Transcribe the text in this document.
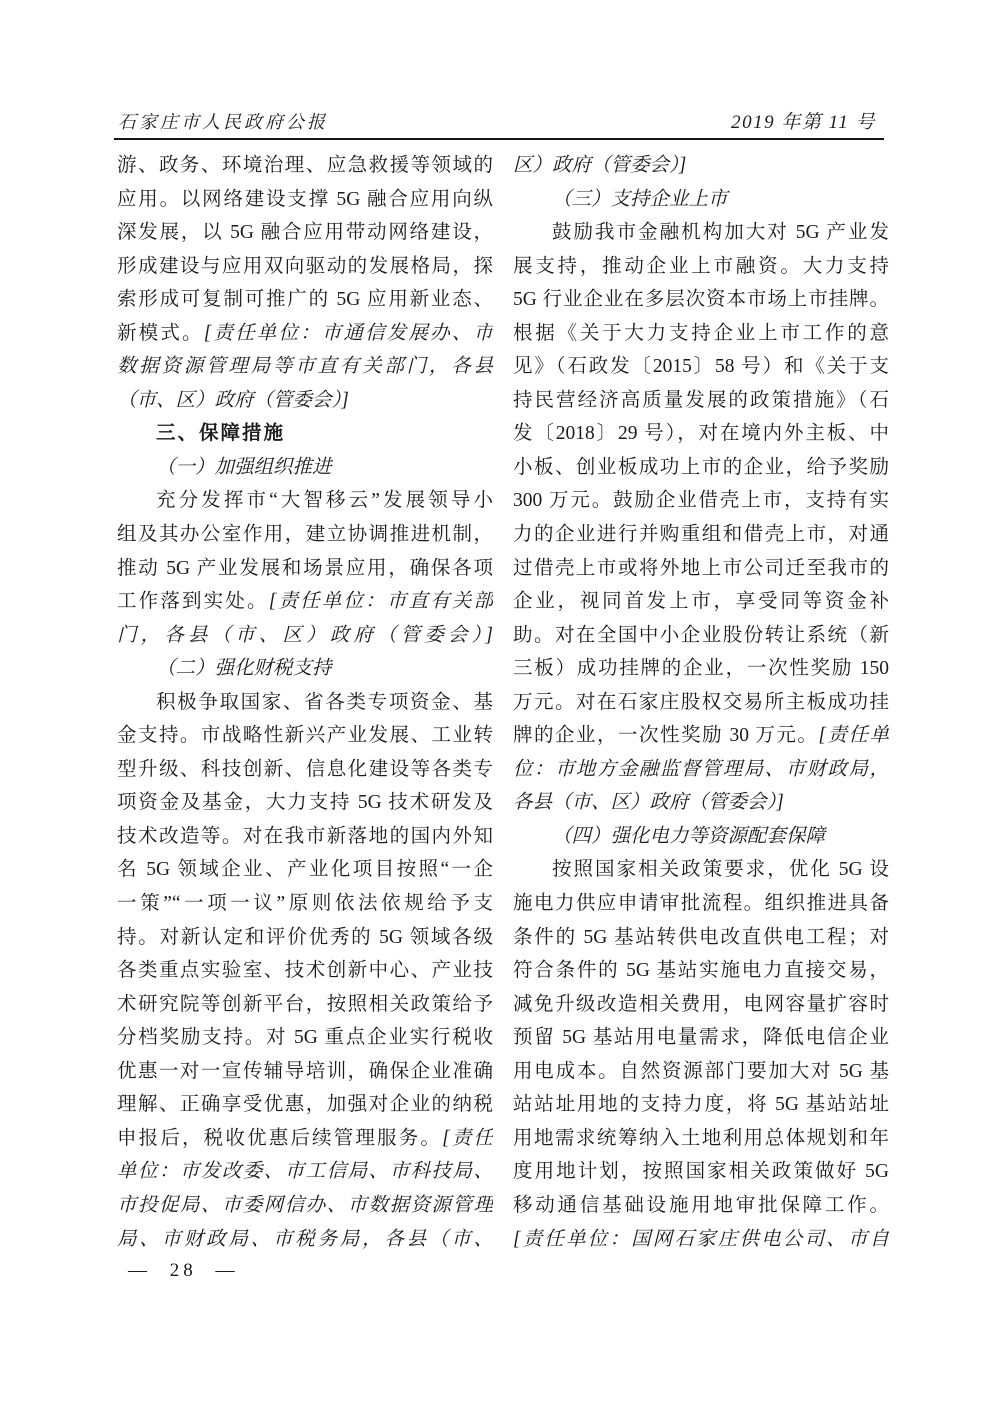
石家庄市人民政府公报	2019 年第 11 号
游、政务、环境治理、应急救援等领域的
应用。以网络建设支撑 5G 融合应用向纵
深发展，以 5G 融合应用带动网络建设，
形成建设与应用双向驱动的发展格局，探
索形成可复制可推广的 5G 应用新业态、
新模式。[责任单位：市通信发展办、市
数据资源管理局等市直有关部门，各县
（市、区）政府（管委会）]
三、保障措施
（一）加强组织推进
充分发挥市“大智移云”发展领导小
组及其办公室作用，建立协调推进机制，
推动 5G 产业发展和场景应用，确保各项
工作落到实处。[责任单位：市直有关部
门，各县（市、区）政府（管委会）]
（二）强化财税支持
积极争取国家、省各类专项资金、基
金支持。市战略性新兴产业发展、工业转
型升级、科技创新、信息化建设等各类专
项资金及基金，大力支持 5G 技术研发及
技术改造等。对在我市新落地的国内外知
名 5G 领域企业、产业化项目按照“一企
一策”“一项一议”原则依法依规给予支
持。对新认定和评价优秀的 5G 领域各级
各类重点实验室、技术创新中心、产业技
术研究院等创新平台，按照相关政策给予
分档奖励支持。对 5G 重点企业实行税收
优惠一对一宣传辅导培训，确保企业准确
理解、正确享受优惠，加强对企业的纳税
申报后，税收优惠后续管理服务。[责任
单位：市发改委、市工信局、市科技局、
市投促局、市委网信办、市数据资源管理
局、市财政局、市税务局，各县（市、
区）政府（管委会）]
（三）支持企业上市
鼓励我市金融机构加大对 5G 产业发
展支持，推动企业上市融资。大力支持
5G 行业企业在多层次资本市场上市挂牌。
根据《关于大力支持企业上市工作的意
见》（石政发〔2015〕58 号）和《关于支
持民营经济高质量发展的政策措施》（石
发〔2018〕29 号），对在境内外主板、中
小板、创业板成功上市的企业，给予奖励
300 万元。鼓励企业借壳上市，支持有实
力的企业进行并购重组和借壳上市，对通
过借壳上市或将外地上市公司迁至我市的
企业，视同首发上市，享受同等资金补
助。对在全国中小企业股份转让系统（新
三板）成功挂牌的企业，一次性奖励 150
万元。对在石家庄股权交易所主板成功挂
牌的企业，一次性奖励 30 万元。[责任单
位：市地方金融监督管理局、市财政局，
各县（市、区）政府（管委会）]
（四）强化电力等资源配套保障
按照国家相关政策要求，优化 5G 设
施电力供应申请审批流程。组织推进具备
条件的 5G 基站转供电改直供电工程；对
符合条件的 5G 基站实施电力直接交易，
减免升级改造相关费用，电网容量扩容时
预留 5G 基站用电量需求，降低电信企业
用电成本。自然资源部门要加大对 5G 基
站站址用地的支持力度，将 5G 基站站址
用地需求统筹纳入土地利用总体规划和年
度用地计划，按照国家相关政策做好 5G
移动通信基础设施用地审批保障工作。
[责任单位：国网石家庄供电公司、市自
— 28 —
